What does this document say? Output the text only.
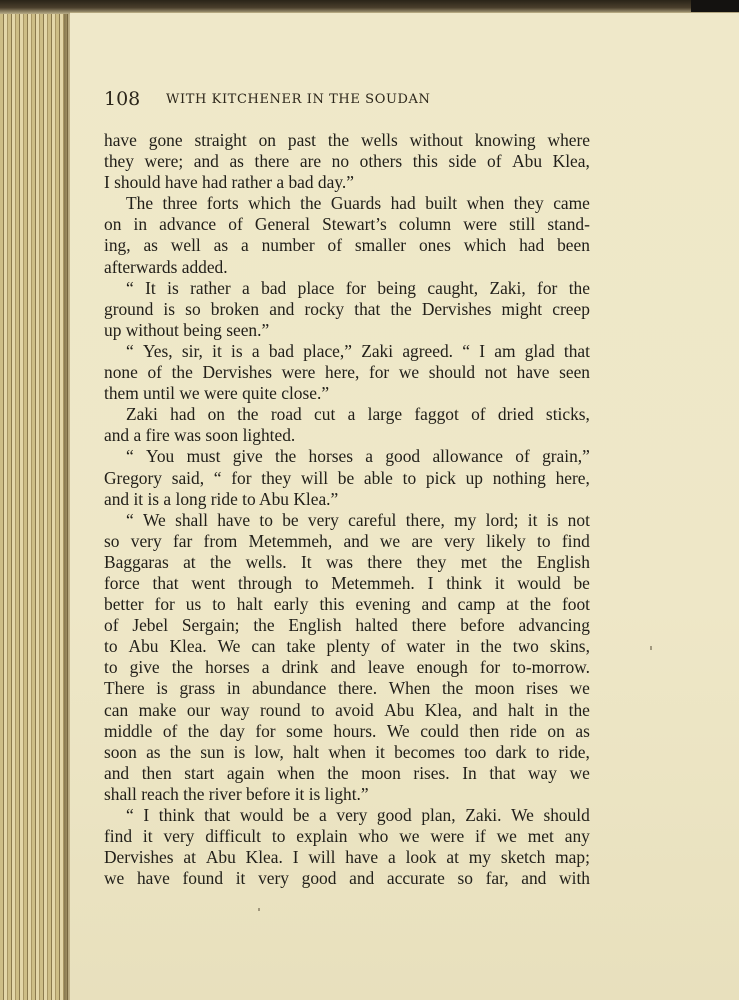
108 WITH KITCHENER IN THE SOUDAN
have gone straight on past the wells without knowing where
they were; and as there are no others this side of Abu Klea,
I should have had rather a bad day.”
The three forts which the Guards had built when they came
on in advance of General Stewart’s column were still stand-
ing, as well as a number of smaller ones which had been
afterwards added.
“ It is rather a bad place for being caught, Zaki, for the
ground is so broken and rocky that the Dervishes might creep
up without being seen.”
“ Yes, sir, it is a bad place,” Zaki agreed. “ I am glad that
none of the Dervishes were here, for we should not have seen
them until we were quite close.”
Zaki had on the road cut a large faggot of dried sticks,
and a fire was soon lighted.
“ You must give the horses a good allowance of grain,”
Gregory said, “ for they will be able to pick up nothing here,
and it is a long ride to Abu Klea.”
“ We shall have to be very careful there, my lord; it is not
so very far from Metemmeh, and we are very likely to find
Baggaras at the wells. It was there they met the English
force that went through to Metemmeh. I think it would be
better for us to halt early this evening and camp at the foot
of Jebel Sergain; the English halted there before advancing
to Abu Klea. We can take plenty of water in the two skins,
to give the horses a drink and leave enough for to-morrow.
There is grass in abundance there. When the moon rises we
can make our way round to avoid Abu Klea, and halt in the
middle of the day for some hours. We could then ride on as
soon as the sun is low, halt when it becomes too dark to ride,
and then start again when the moon rises. In that way we
shall reach the river before it is light.”
“ I think that would be a very good plan, Zaki. We should
find it very difficult to explain who we were if we met any
Dervishes at Abu Klea. I will have a look at my sketch map;
we have found it very good and accurate so far, and with
